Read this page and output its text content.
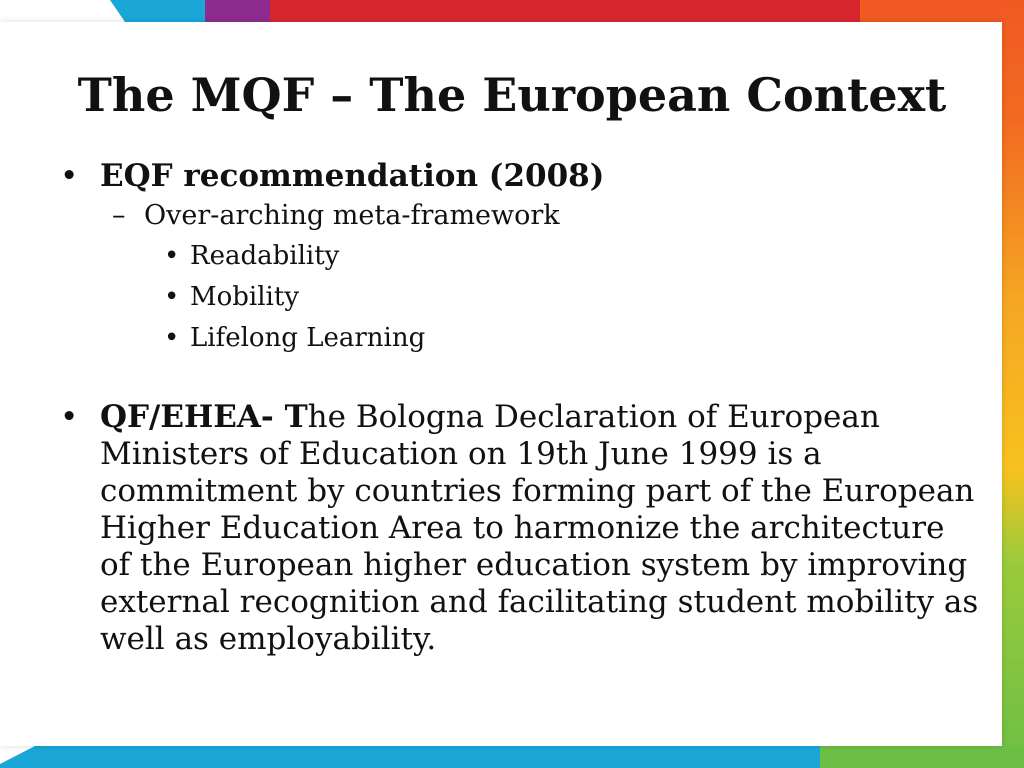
The MQF – The European Context
• EQF recommendation (2008)
– Over-arching meta-framework
• Readability
• Mobility
• Lifelong Learning
• QF/EHEA- The Bologna Declaration of European Ministers of Education on 19th June 1999 is a commitment by countries forming part of the European Higher Education Area to harmonize the architecture of the European higher education system by improving external recognition and facilitating student mobility as well as employability.
